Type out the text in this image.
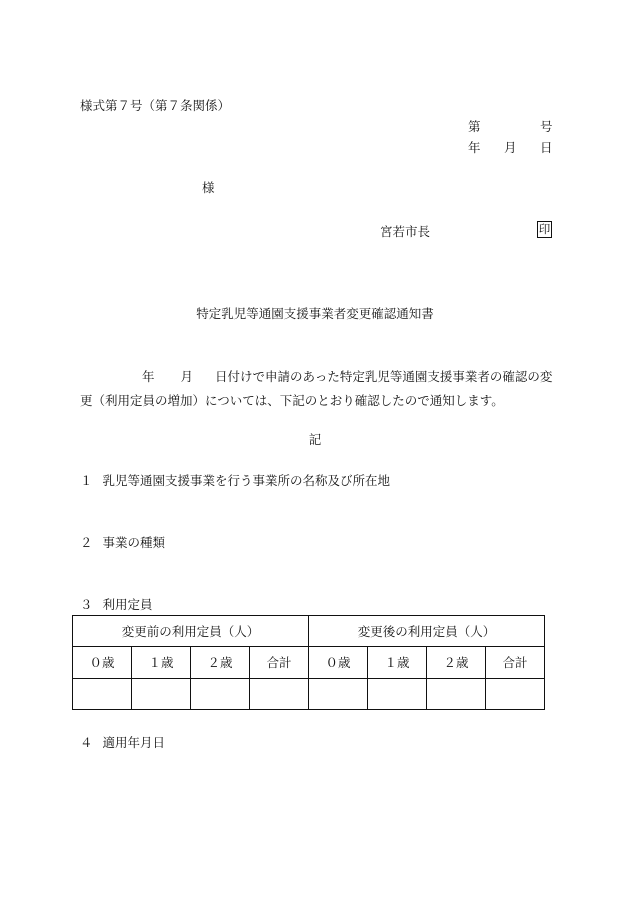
様式第７号（第７条関係）
第	号
年 月 日
様
宮若市長	印
特定乳児等通園支援事業者変更確認通知書
年 月 日付けで申請のあった特定乳児等通園支援事業者の確認の変
更（利用定員の増加）については、下記のとおり確認したので通知します。
記
１ 乳児等通園支援事業を行う事業所の名称及び所在地
２ 事業の種類
３ 利用定員
変更前の利用定員（人）				変更後の利用定員（人）			
０歳	１歳	２歳	合計	０歳	１歳	２歳	合計

４ 適用年月日
